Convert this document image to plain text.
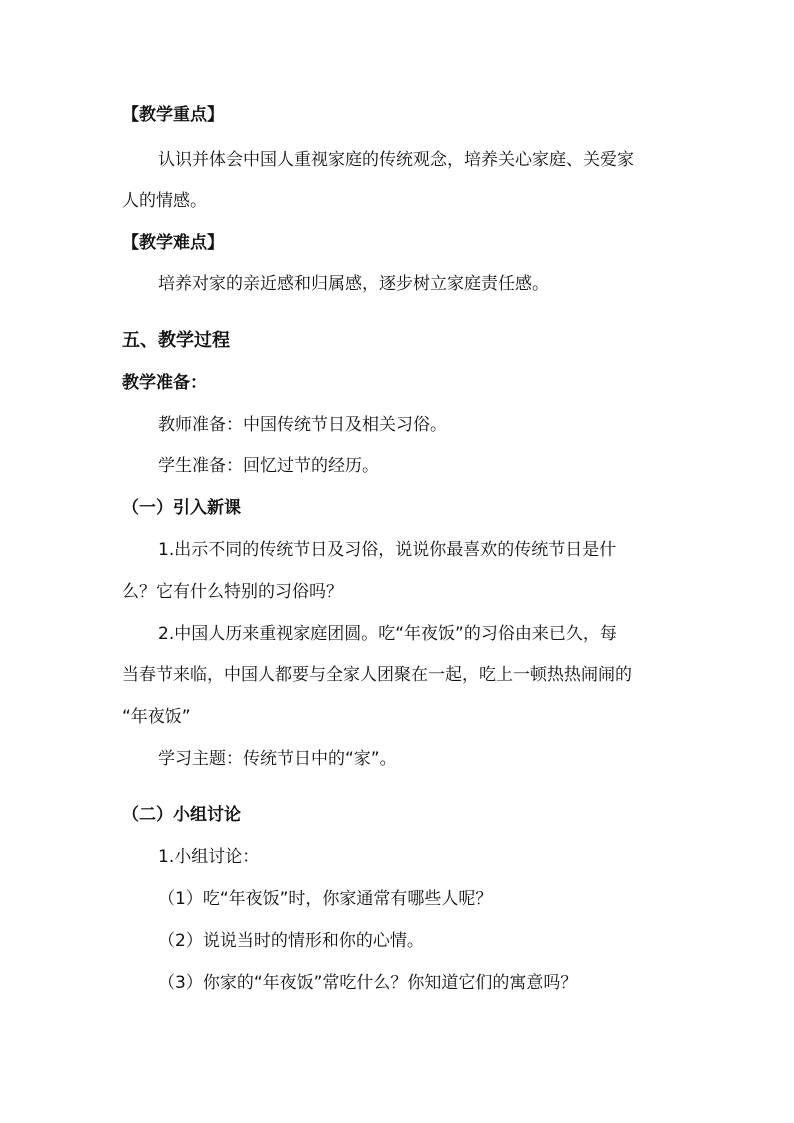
【教学重点】
认识并体会中国人重视家庭的传统观念，培养关心家庭、关爱家
人的情感。
【教学难点】
培养对家的亲近感和归属感，逐步树立家庭责任感。
五、教学过程
教学准备：
教师准备：中国传统节日及相关习俗。
学生准备：回忆过节的经历。
（一）引入新课
1.出示不同的传统节日及习俗，说说你最喜欢的传统节日是什
么？它有什么特别的习俗吗？
2.中国人历来重视家庭团圆。吃“年夜饭”的习俗由来已久，每
当春节来临，中国人都要与全家人团聚在一起，吃上一顿热热闹闹的
“年夜饭”
学习主题：传统节日中的“家”。
（二）小组讨论
1.小组讨论：
（1）吃“年夜饭”时，你家通常有哪些人呢？
（2）说说当时的情形和你的心情。
（3）你家的“年夜饭”常吃什么？你知道它们的寓意吗？
